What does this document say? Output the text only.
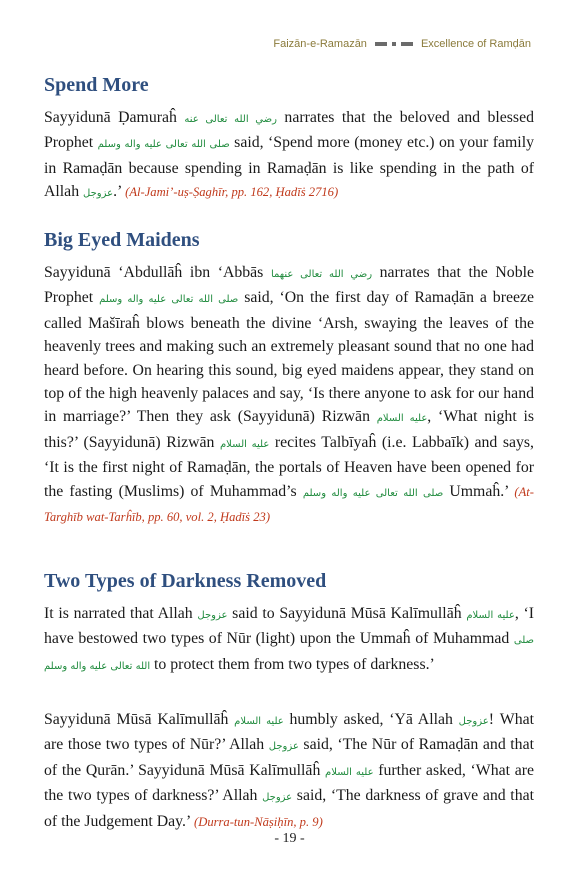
Faizān-e-Ramazān	Excellence of Ramḍān
Spend More

Sayyidunā Ḍamuraĥ رضي الله تعالى عنه narrates that the beloved and blessed Prophet صلى الله تعالى عليه واله وسلم said, ‘Spend more (money etc.) on your family in Ramaḍān because spending in Ramaḍān is like spending in the path of Allah عزوجل.’ (Al-Jami’-uṣ-Ṣaghīr, pp. 162, Ḥadīṡ 2716)

Big Eyed Maidens

Sayyidunā ‘Abdullāĥ ibn ‘Abbās رضي الله تعالى عنهما narrates that the Noble Prophet صلى الله تعالى عليه واله وسلم said, ‘On the first day of Ramaḍān a breeze called Mašīraĥ blows beneath the divine ‘Arsh, swaying the leaves of the heavenly trees and making such an extremely pleasant sound that no one had heard before. On hearing this sound, big eyed maidens appear, they stand on top of the high heavenly palaces and say, ‘Is there anyone to ask for our hand in marriage?’ Then they ask (Sayyidunā) Rizwān عليه السلام, ‘What night is this?’ (Sayyidunā) Rizwān عليه السلام recites Talbīyaĥ (i.e. Labbaīk) and says, ‘It is the first night of Ramaḍān, the portals of Heaven have been opened for the fasting (Muslims) of Muhammad’s صلى الله تعالى عليه واله وسلم Ummaĥ.’ (At-Targhīb wat-Tarĥīb, pp. 60, vol. 2, Ḥadīṡ 23)

Two Types of Darkness Removed

It is narrated that Allah عزوجل said to Sayyidunā Mūsā Kalīmullāĥ عليه السلام, ‘I have bestowed two types of Nūr (light) upon the Ummaĥ of Muhammad صلى الله تعالى عليه واله وسلم to protect them from two types of darkness.’

Sayyidunā Mūsā Kalīmullāĥ عليه السلام humbly asked, ‘Yā Allah عزوجل! What are those two types of Nūr?’ Allah عزوجل said, ‘The Nūr of Ramaḍān and that of the Qurān.’ Sayyidunā Mūsā Kalīmullāĥ عليه السلام further asked, ‘What are the two types of darkness?’ Allah عزوجل said, ‘The darkness of grave and that of the Judgement Day.’ (Durra-tun-Nāṣiḥīn, p. 9)

- 19 -
